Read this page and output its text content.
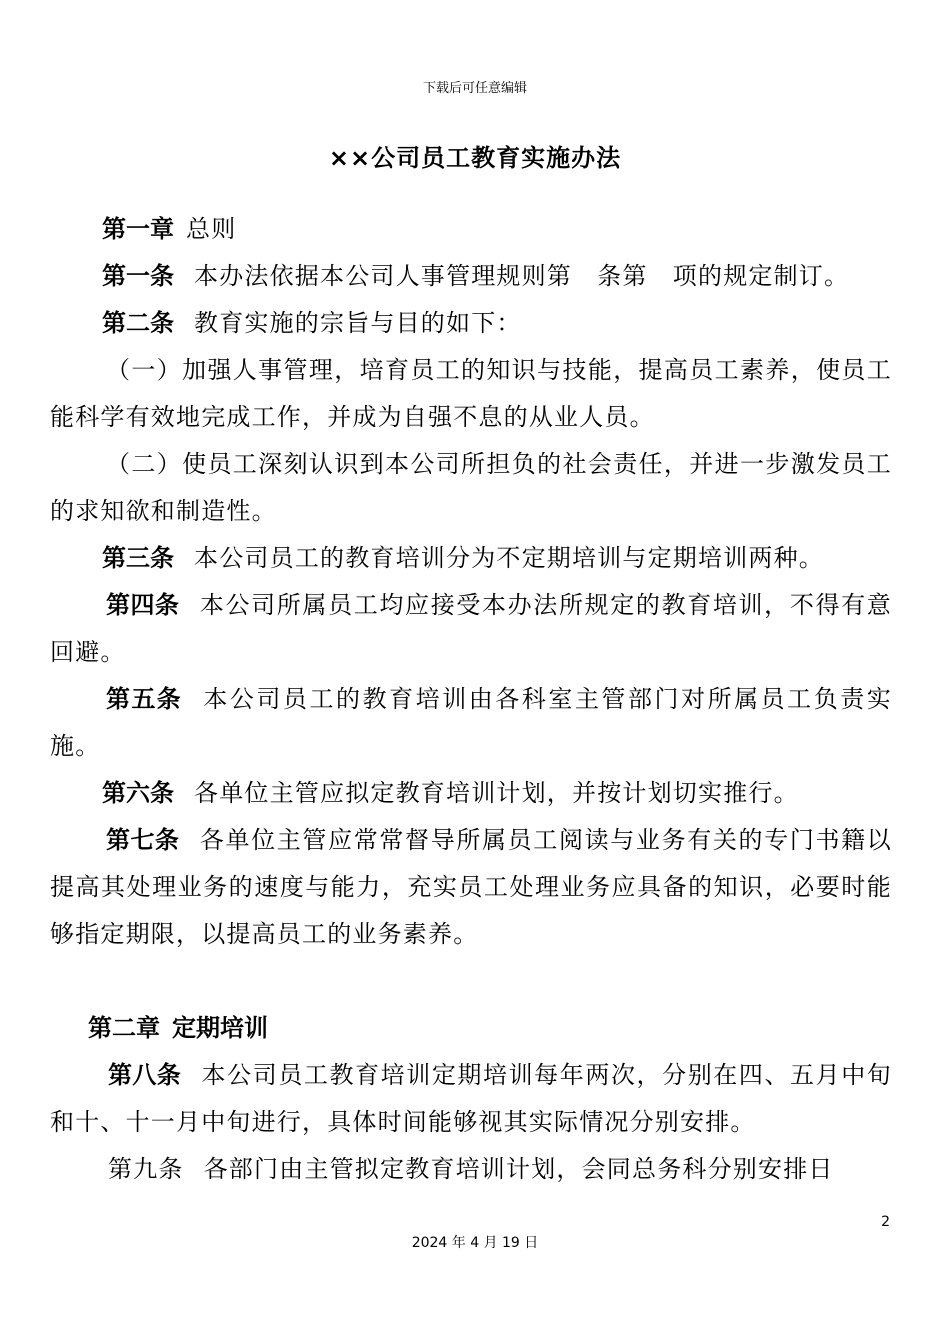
下载后可任意编辑
××公司员工教育实施办法

第一章 总则

第一条 本办法依据本公司人事管理规则第　条第　项的规定制订。

第二条 教育实施的宗旨与目的如下：

（一）加强人事管理，培育员工的知识与技能，提高员工素养，使员工能科学有效地完成工作，并成为自强不息的从业人员。

（二）使员工深刻认识到本公司所担负的社会责任，并进一步激发员工的求知欲和制造性。

第三条 本公司员工的教育培训分为不定期培训与定期培训两种。

第四条 本公司所属员工均应接受本办法所规定的教育培训，不得有意回避。

第五条 本公司员工的教育培训由各科室主管部门对所属员工负责实施。

第六条 各单位主管应拟定教育培训计划，并按计划切实推行。

第七条 各单位主管应常常督导所属员工阅读与业务有关的专门书籍以提高其处理业务的速度与能力，充实员工处理业务应具备的知识，必要时能够指定期限，以提高员工的业务素养。

第二章 定期培训

第八条 本公司员工教育培训定期培训每年两次，分别在四、五月中旬和十、十一月中旬进行，具体时间能够视其实际情况分别安排。

第九条 各部门由主管拟定教育培训计划，会同总务科分别安排日

2
2024 年 4 月 19 日
